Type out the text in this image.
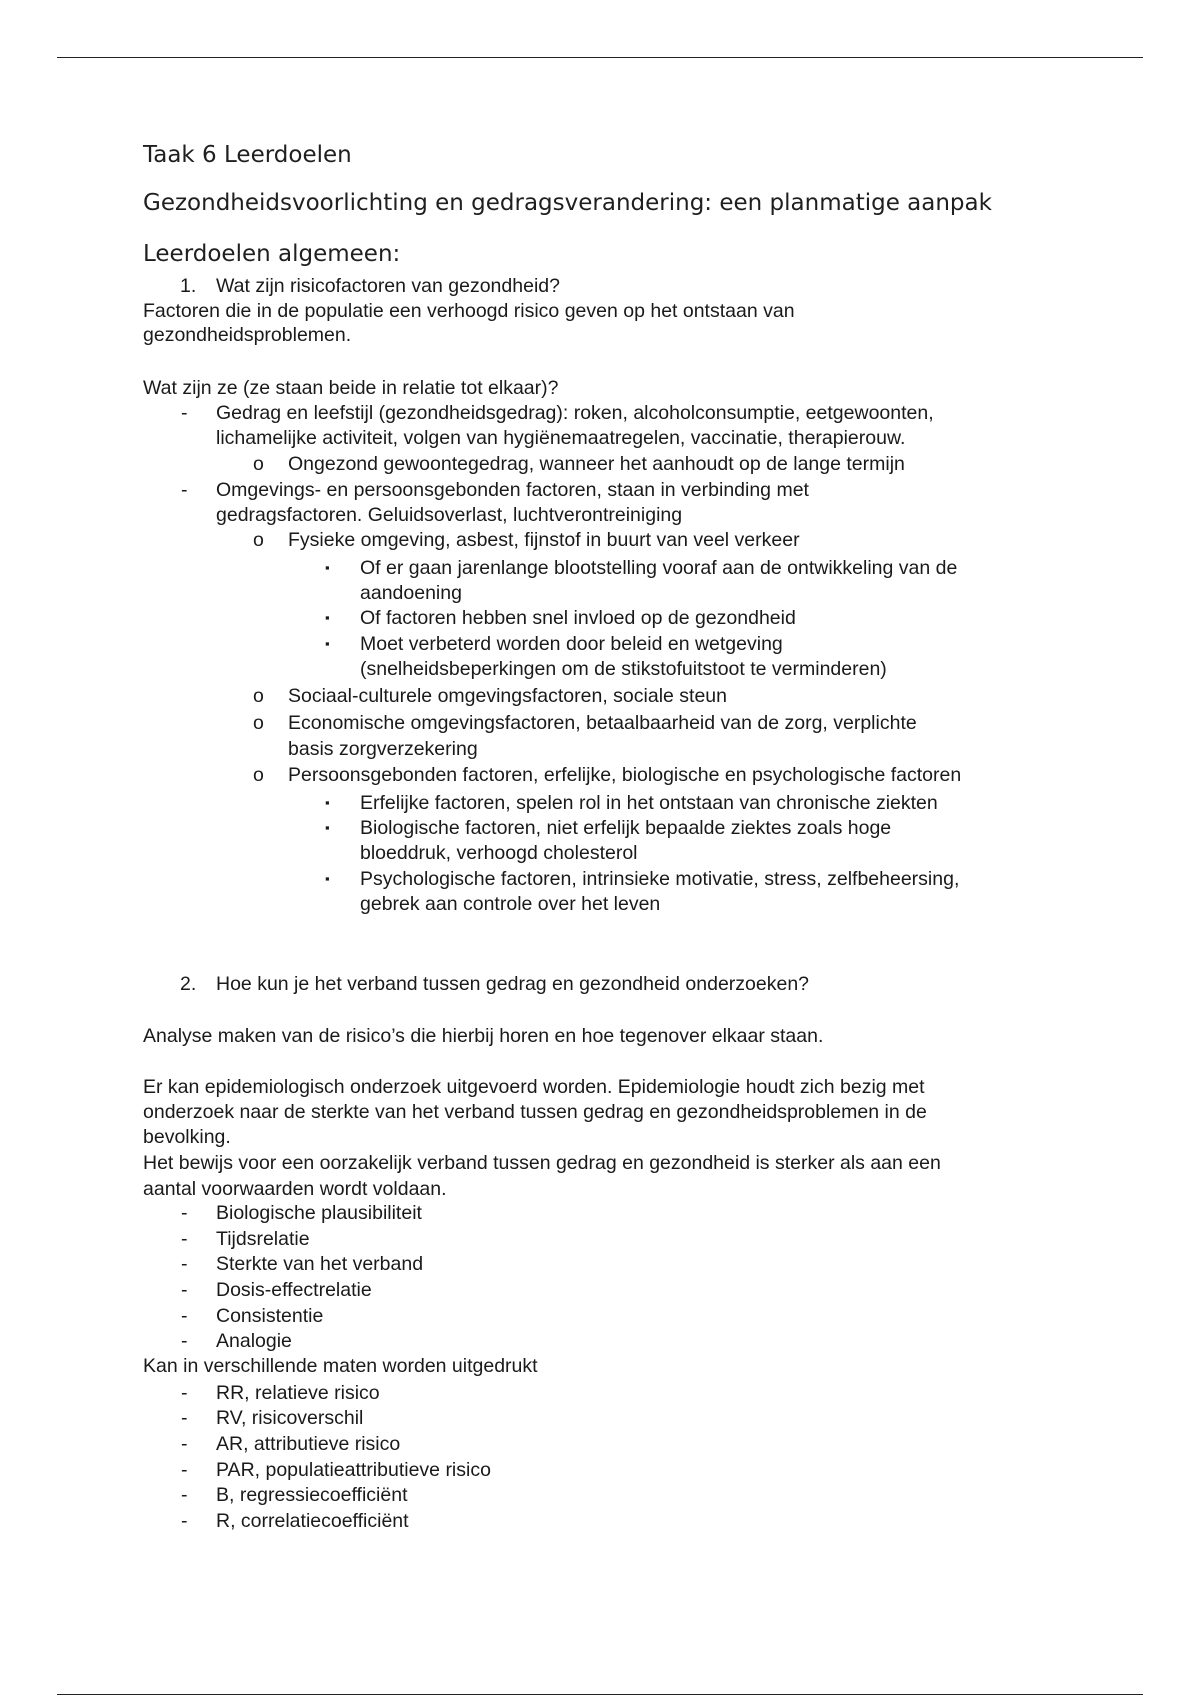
Taak 6 Leerdoelen
Gezondheidsvoorlichting en gedragsverandering: een planmatige aanpak
Leerdoelen algemeen:
1. Wat zijn risicofactoren van gezondheid?
Factoren die in de populatie een verhoogd risico geven op het ontstaan van
gezondheidsproblemen.
Wat zijn ze (ze staan beide in relatie tot elkaar)?
- Gedrag en leefstijl (gezondheidsgedrag): roken, alcoholconsumptie, eetgewoonten,
lichamelijke activiteit, volgen van hygiënemaatregelen, vaccinatie, therapierouw.
o Ongezond gewoontegedrag, wanneer het aanhoudt op de lange termijn
- Omgevings- en persoonsgebonden factoren, staan in verbinding met
gedragsfactoren. Geluidsoverlast, luchtverontreiniging
o Fysieke omgeving, asbest, fijnstof in buurt van veel verkeer
▪ Of er gaan jarenlange blootstelling vooraf aan de ontwikkeling van de
aandoening
▪ Of factoren hebben snel invloed op de gezondheid
▪ Moet verbeterd worden door beleid en wetgeving
(snelheidsbeperkingen om de stikstofuitstoot te verminderen)
o Sociaal-culturele omgevingsfactoren, sociale steun
o Economische omgevingsfactoren, betaalbaarheid van de zorg, verplichte
basis zorgverzekering
o Persoonsgebonden factoren, erfelijke, biologische en psychologische factoren
▪ Erfelijke factoren, spelen rol in het ontstaan van chronische ziekten
▪ Biologische factoren, niet erfelijk bepaalde ziektes zoals hoge
bloeddruk, verhoogd cholesterol
▪ Psychologische factoren, intrinsieke motivatie, stress, zelfbeheersing,
gebrek aan controle over het leven
2. Hoe kun je het verband tussen gedrag en gezondheid onderzoeken?
Analyse maken van de risico’s die hierbij horen en hoe tegenover elkaar staan.
Er kan epidemiologisch onderzoek uitgevoerd worden. Epidemiologie houdt zich bezig met
onderzoek naar de sterkte van het verband tussen gedrag en gezondheidsproblemen in de
bevolking.
Het bewijs voor een oorzakelijk verband tussen gedrag en gezondheid is sterker als aan een
aantal voorwaarden wordt voldaan.
- Biologische plausibiliteit
- Tijdsrelatie
- Sterkte van het verband
- Dosis-effectrelatie
- Consistentie
- Analogie
Kan in verschillende maten worden uitgedrukt
- RR, relatieve risico
- RV, risicoverschil
- AR, attributieve risico
- PAR, populatieattributieve risico
- B, regressiecoefficiënt
- R, correlatiecoefficiënt
